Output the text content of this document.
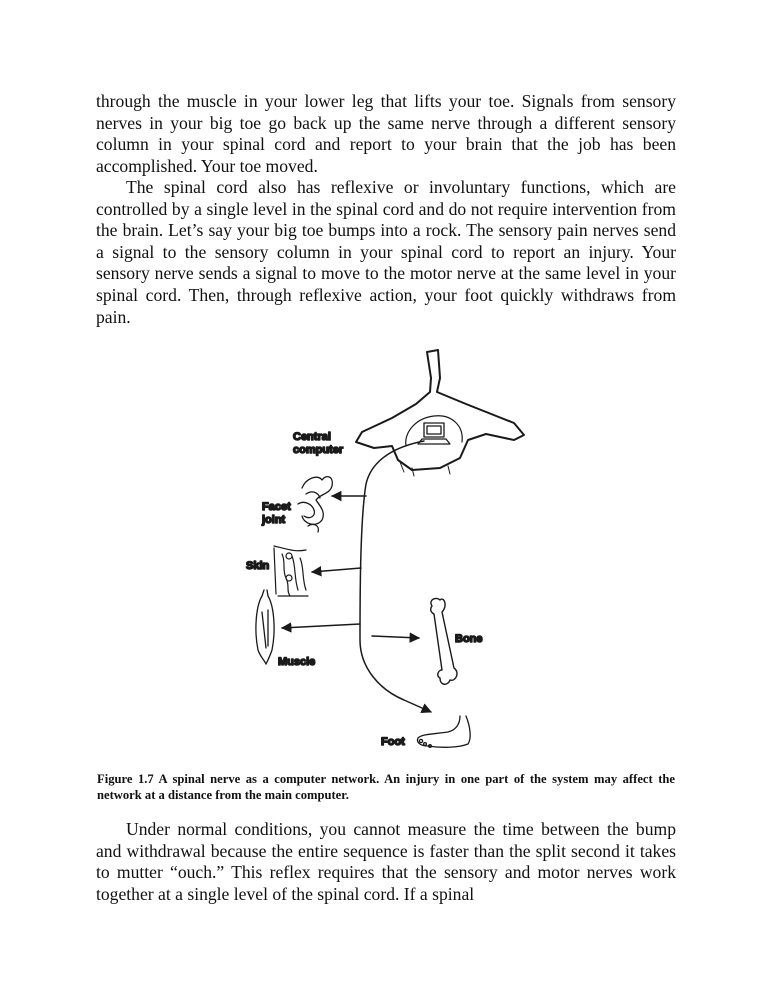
through the muscle in your lower leg that lifts your toe. Signals from sensory nerves in your big toe go back up the same nerve through a different sensory column in your spinal cord and report to your brain that the job has been accomplished. Your toe moved.

The spinal cord also has reflexive or involuntary functions, which are controlled by a single level in the spinal cord and do not require intervention from the brain. Let’s say your big toe bumps into a rock. The sensory pain nerves send a signal to the sensory column in your spinal cord to report an injury. Your sensory nerve sends a signal to move to the motor nerve at the same level in your spinal cord. Then, through reflexive action, your foot quickly withdraws from pain.

Central
computer
Facet
joint
Skin
Muscle
Bone
Foot

Figure 1.7 A spinal nerve as a computer network. An injury in one part of the system may affect the network at a distance from the main computer.

Under normal conditions, you cannot measure the time between the bump and withdrawal because the entire sequence is faster than the split second it takes to mutter “ouch.” This reflex requires that the sensory and motor nerves work together at a single level of the spinal cord. If a spinal
